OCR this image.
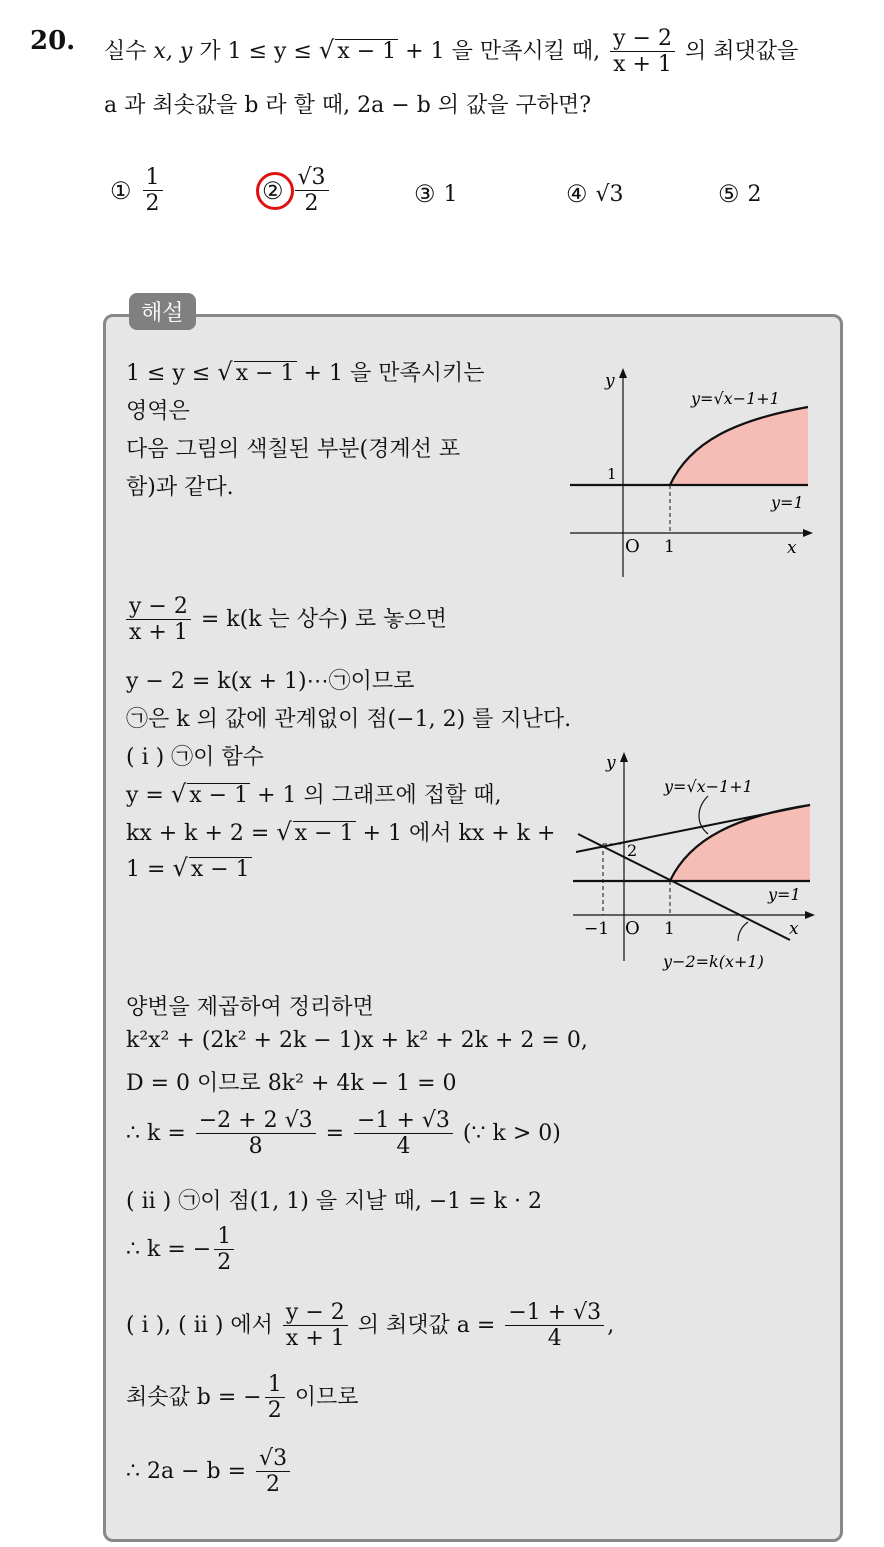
20. 실수 x, y 가 1 ≤ y ≤ √ x − 1 + 1 을 만족시킬 때, $\frac{y - 2}{x + 1}$ 의 최댓값을
a 과 최솟값을 b 라 할 때, 2a − b 의 값을 구하면?
① $\frac{1}{2}$	② $\frac{√3}{2}$	③ 1	④ √3	⑤ 2
해설
1 ≤ y ≤ √ x − 1 + 1 을 만족시키는
영역은
다음 그림의 색칠된 부분(경계선 포
함)과 같다.
y
x
O 1
1
y=√x−1+1
y=1
$\frac{y - 2}{x + 1} = k(k$ 는 상수) 로 놓으면
y − 2 = k(x + 1)⋯㉠이므로
㉠은 k 의 값에 관계없이 점(−1, 2) 를 지난다.
( i ) ㉠이 함수
y = √ x − 1 + 1 의 그래프에 접할 때,
kx + k + 2 = √ x − 1 + 1 에서 kx + k +
1 = √ x − 1
y
x
O
−1	1
2
y=√x−1+1
y=1
y−2=k(x+1)
양변을 제곱하여 정리하면
k²x² + (2k² + 2k − 1)x + k² + 2k + 2 = 0,
D = 0 이므로 8k² + 4k − 1 = 0
∴ $k = \frac{-2 + 2 √3}{8} = \frac{-1 + √3}{4}$ (∵ k > 0)
( ii ) ㉠이 점(1, 1) 을 지날 때, −1 = k · 2
∴ k = − $\frac{1}{2}$
( i ), ( ii ) 에서 $\frac{y - 2}{x + 1}$ 의 최댓값 $a = \frac{-1 + √3}{4}$ ,
최솟값 b = − $\frac{1}{2}$ 이므로
∴ $2a - b = \frac{√3}{2}$
